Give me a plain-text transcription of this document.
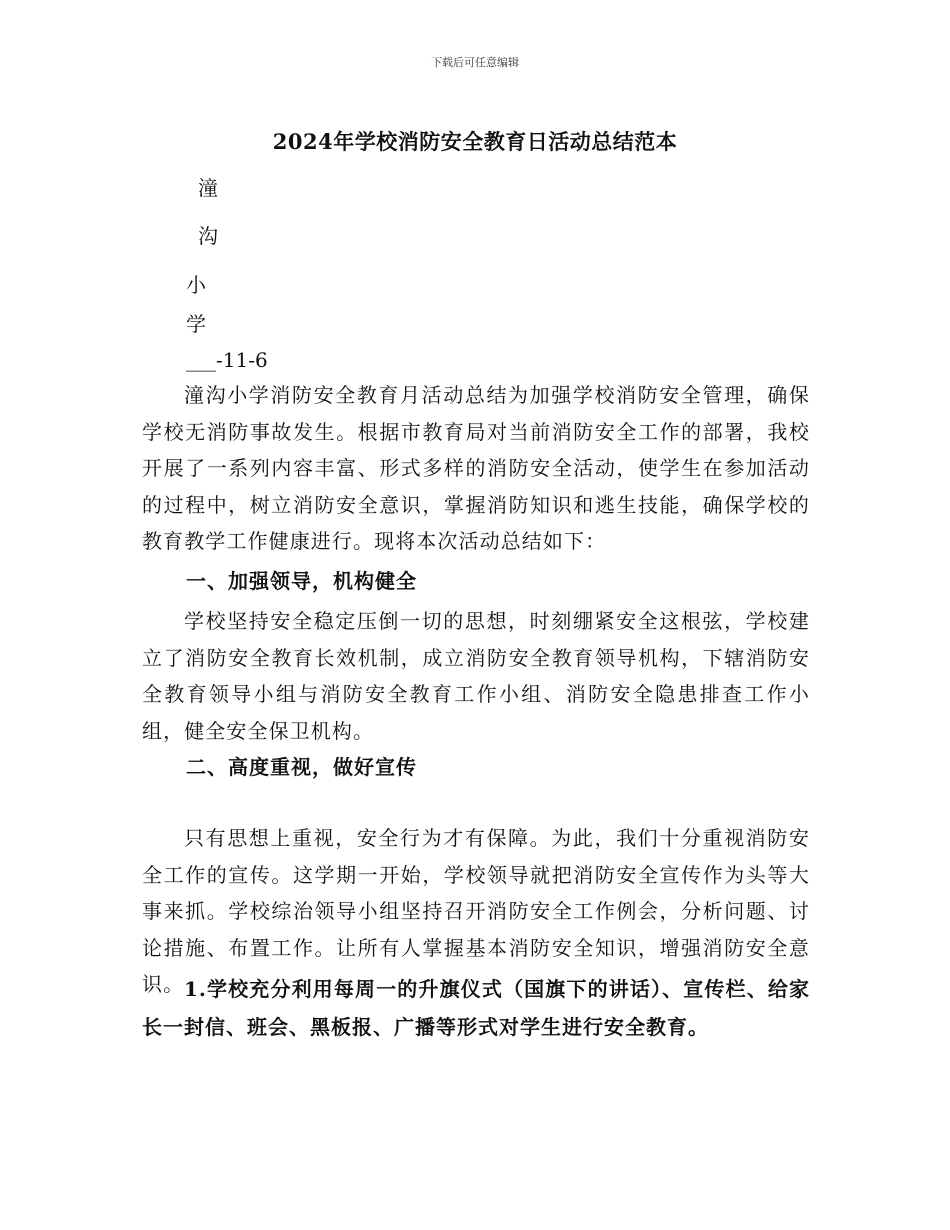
下载后可任意编辑
2024年学校消防安全教育日活动总结范本
潼
沟
小
学
___-11-6
潼沟小学消防安全教育月活动总结为加强学校消防安全管理，确保学校无消防事故发生。根据市教育局对当前消防安全工作的部署，我校开展了一系列内容丰富、形式多样的消防安全活动，使学生在参加活动的过程中，树立消防安全意识，掌握消防知识和逃生技能，确保学校的教育教学工作健康进行。现将本次活动总结如下：
一、加强领导，机构健全
学校坚持安全稳定压倒一切的思想，时刻绷紧安全这根弦，学校建立了消防安全教育长效机制，成立消防安全教育领导机构，下辖消防安全教育领导小组与消防安全教育工作小组、消防安全隐患排查工作小组，健全安全保卫机构。
二、高度重视，做好宣传
只有思想上重视，安全行为才有保障。为此，我们十分重视消防安全工作的宣传。这学期一开始，学校领导就把消防安全宣传作为头等大事来抓。学校综治领导小组坚持召开消防安全工作例会，分析问题、讨论措施、布置工作。让所有人掌握基本消防安全知识，增强消防安全意识。 1.学校充分利用每周一的升旗仪式（国旗下的讲话）、宣传栏、给家长一封信、班会、黑板报、广播等形式对学生进行安全教育。
